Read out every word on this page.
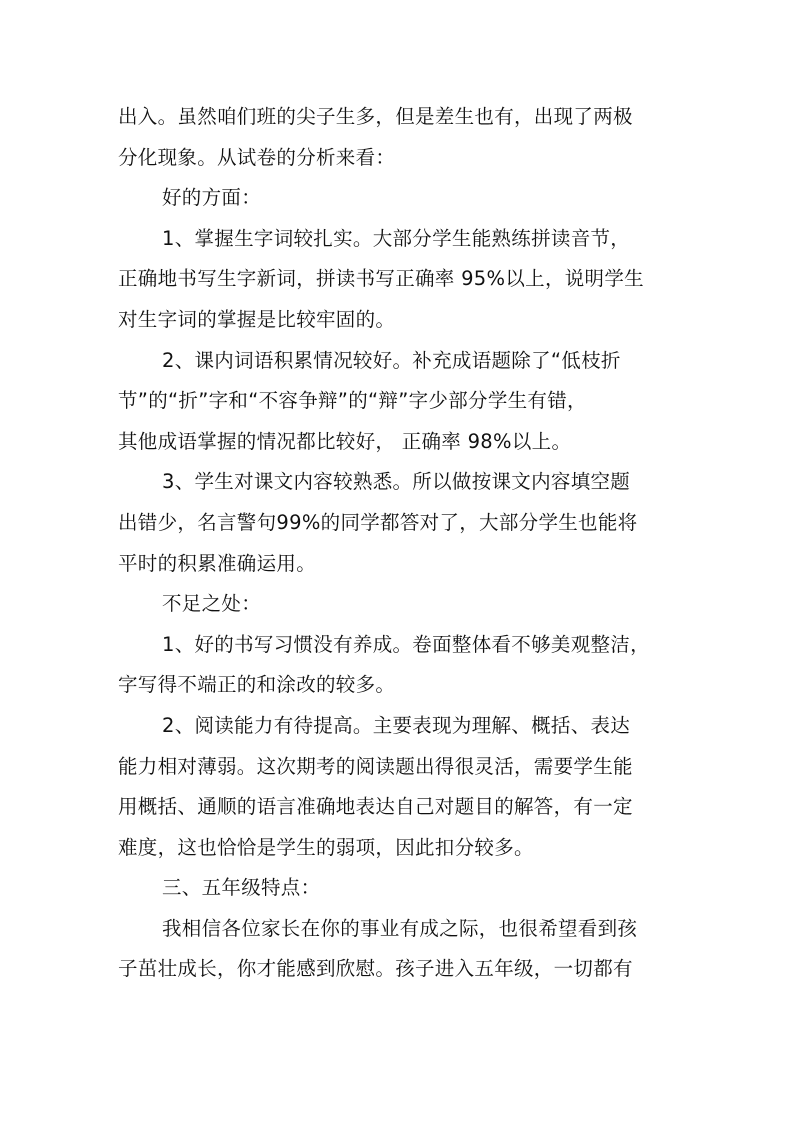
出入。虽然咱们班的尖子生多，但是差生也有，出现了两极
分化现象。从试卷的分析来看：
好的方面：
1、掌握生字词较扎实。大部分学生能熟练拼读音节，
正确地书写生字新词，拼读书写正确率 95%以上，说明学生
对生字词的掌握是比较牢固的。
2、课内词语积累情况较好。补充成语题除了“低枝折
节”的“折”字和“不容争辩”的“辩”字少部分学生有错，
其他成语掌握的情况都比较好， 正确率 98%以上。
3、学生对课文内容较熟悉。所以做按课文内容填空题
出错少，名言警句99%的同学都答对了，大部分学生也能将
平时的积累准确运用。
不足之处：
1、好的书写习惯没有养成。卷面整体看不够美观整洁，
字写得不端正的和涂改的较多。
2、阅读能力有待提高。主要表现为理解、概括、表达
能力相对薄弱。这次期考的阅读题出得很灵活，需要学生能
用概括、通顺的语言准确地表达自己对题目的解答，有一定
难度，这也恰恰是学生的弱项，因此扣分较多。
三、五年级特点：
我相信各位家长在你的事业有成之际，也很希望看到孩
子茁壮成长，你才能感到欣慰。孩子进入五年级，一切都有
